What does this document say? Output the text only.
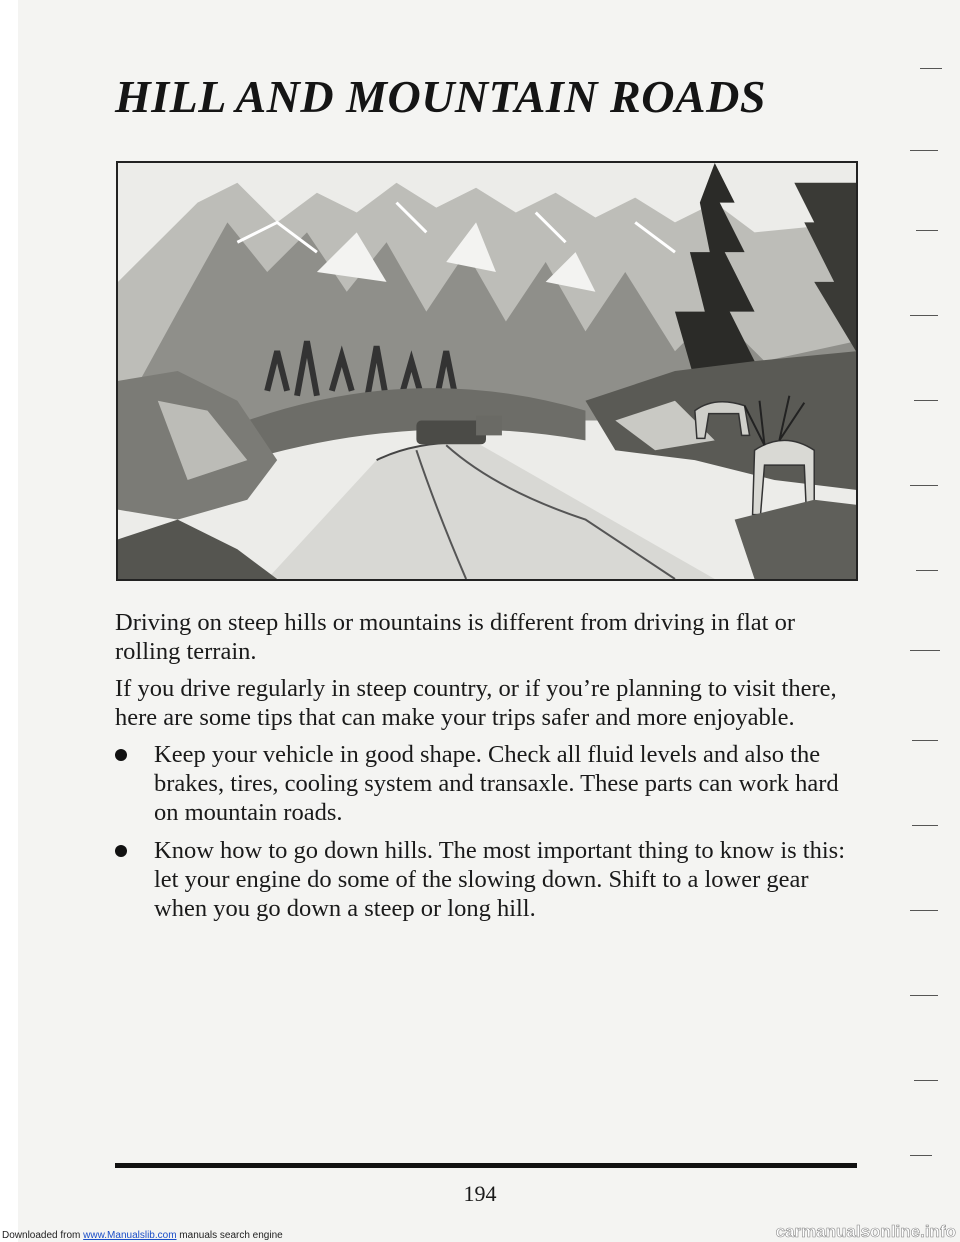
HILL AND MOUNTAIN ROADS

Driving on steep hills or mountains is different from driving in flat or rolling terrain.

If you drive regularly in steep country, or if you’re planning to visit there, here are some tips that can make your trips safer and more enjoyable.

Keep your vehicle in good shape. Check all fluid levels and also the brakes, tires, cooling system and transaxle. These parts can work hard on mountain roads.
Know how to go down hills. The most important thing to know is this: let your engine do some of the slowing down. Shift to a lower gear when you go down a steep or long hill.
194
Downloaded from www.Manualslib.com manuals search engine	carmanualsonline.info
